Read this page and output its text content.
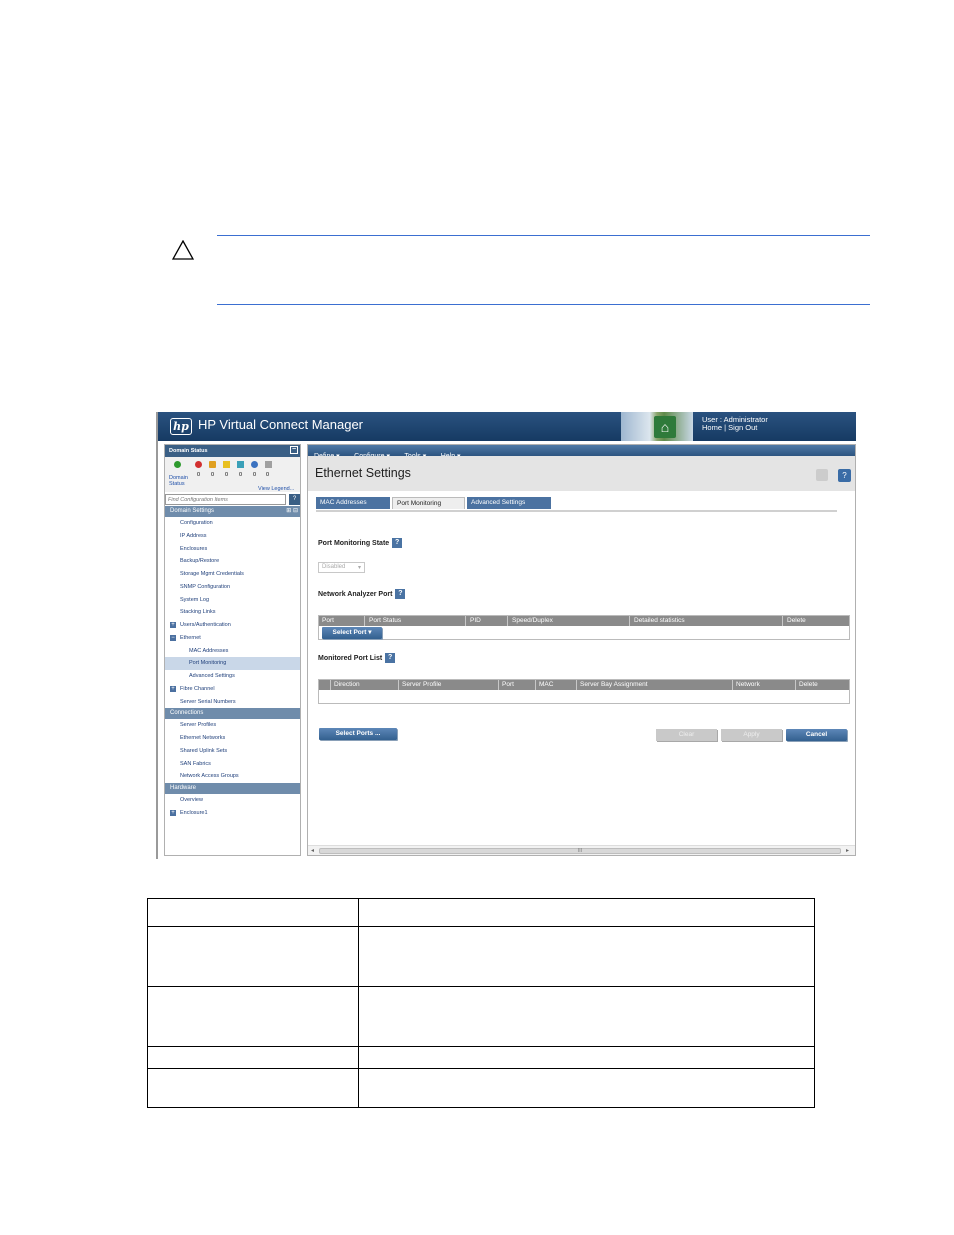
hp HP Virtual Connect Manager	⌂	User : Administrator
Home | Sign Out
Domain Status	−
0 0 0 0 0 0
Domain Status
View Legend...
Find Configuration Items
?
Domain Settings	⊞ ⊟
Configuration
IP Address
Enclosures
Backup/Restore
Storage Mgmt Credentials
SNMP Configuration
System Log
Stacking Links
+ Users/Authentication
− Ethernet
MAC Addresses
Port Monitoring
Advanced Settings
+ Fibre Channel
Server Serial Numbers
Connections
Server Profiles
Ethernet Networks
Shared Uplink Sets
SAN Fabrics
Network Access Groups
Hardware
Overview
+ Enclosure1

Ethernet Settings	?
MAC Addresses	Port Monitoring	Advanced Settings
Port Monitoring State ?
Disabled ▾
Network Analyzer Port ?
Port	Port Status	PID	Speed/Duplex	Detailed statistics	Delete
Select Port ▾
Monitored Port List ?
Direction	Server Profile	Port	MAC	Server Bay Assignment	Network	Delete
Select Ports ...	Clear	Apply	Cancel
◂	III	▸
